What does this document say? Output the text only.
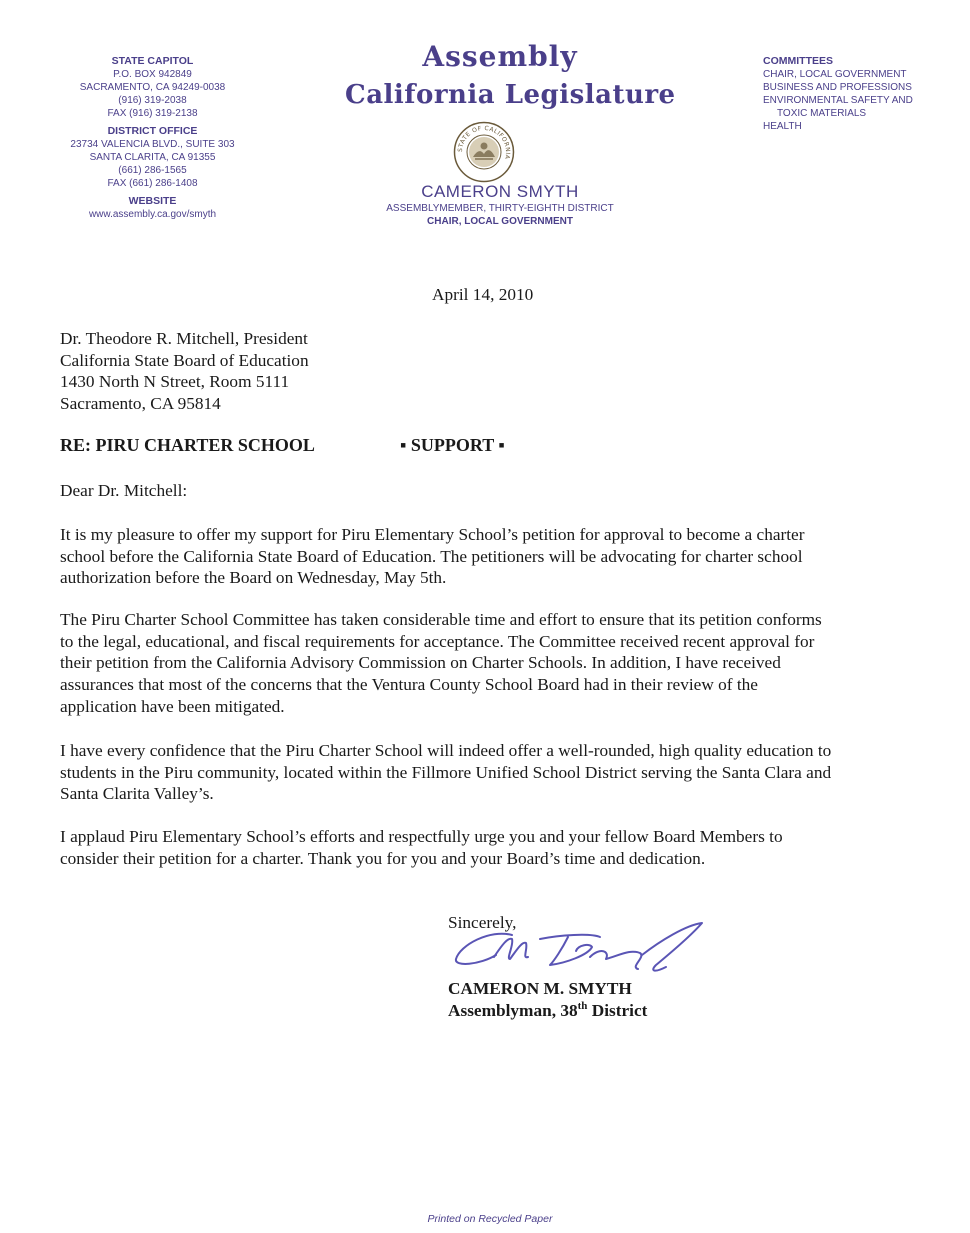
STATE CAPITOL
P.O. BOX 942849
SACRAMENTO, CA 94249-0038
(916) 319-2038
FAX (916) 319-2138
DISTRICT OFFICE
23734 VALENCIA BLVD., SUITE 303
SANTA CLARITA, CA 91355
(661) 286-1565
FAX (661) 286-1408
WEBSITE
www.assembly.ca.gov/smyth
Assembly
California Legislature
STATE OF CALIFORNIA
CAMERON SMYTH
ASSEMBLYMEMBER, THIRTY-EIGHTH DISTRICT
CHAIR, LOCAL GOVERNMENT
COMMITTEES
CHAIR, LOCAL GOVERNMENT
BUSINESS AND PROFESSIONS
ENVIRONMENTAL SAFETY AND
TOXIC MATERIALS
HEALTH
April 14, 2010
Dr. Theodore R. Mitchell, President
California State Board of Education
1430 North N Street, Room 5111
Sacramento, CA 95814
RE: PIRU CHARTER SCHOOL	▪ SUPPORT ▪
Dear Dr. Mitchell:
It is my pleasure to offer my support for Piru Elementary School’s petition for approval to become a charter
school before the California State Board of Education. The petitioners will be advocating for charter school
authorization before the Board on Wednesday, May 5th.
The Piru Charter School Committee has taken considerable time and effort to ensure that its petition conforms
to the legal, educational, and fiscal requirements for acceptance. The Committee received recent approval for
their petition from the California Advisory Commission on Charter Schools. In addition, I have received
assurances that most of the concerns that the Ventura County School Board had in their review of the
application have been mitigated.
I have every confidence that the Piru Charter School will indeed offer a well-rounded, high quality education to
students in the Piru community, located within the Fillmore Unified School District serving the Santa Clara and
Santa Clarita Valley’s.
I applaud Piru Elementary School’s efforts and respectfully urge you and your fellow Board Members to
consider their petition for a charter. Thank you for you and your Board’s time and dedication.
Sincerely,
CAMERON M. SMYTH
Assemblyman, 38th District
Printed on Recycled Paper
